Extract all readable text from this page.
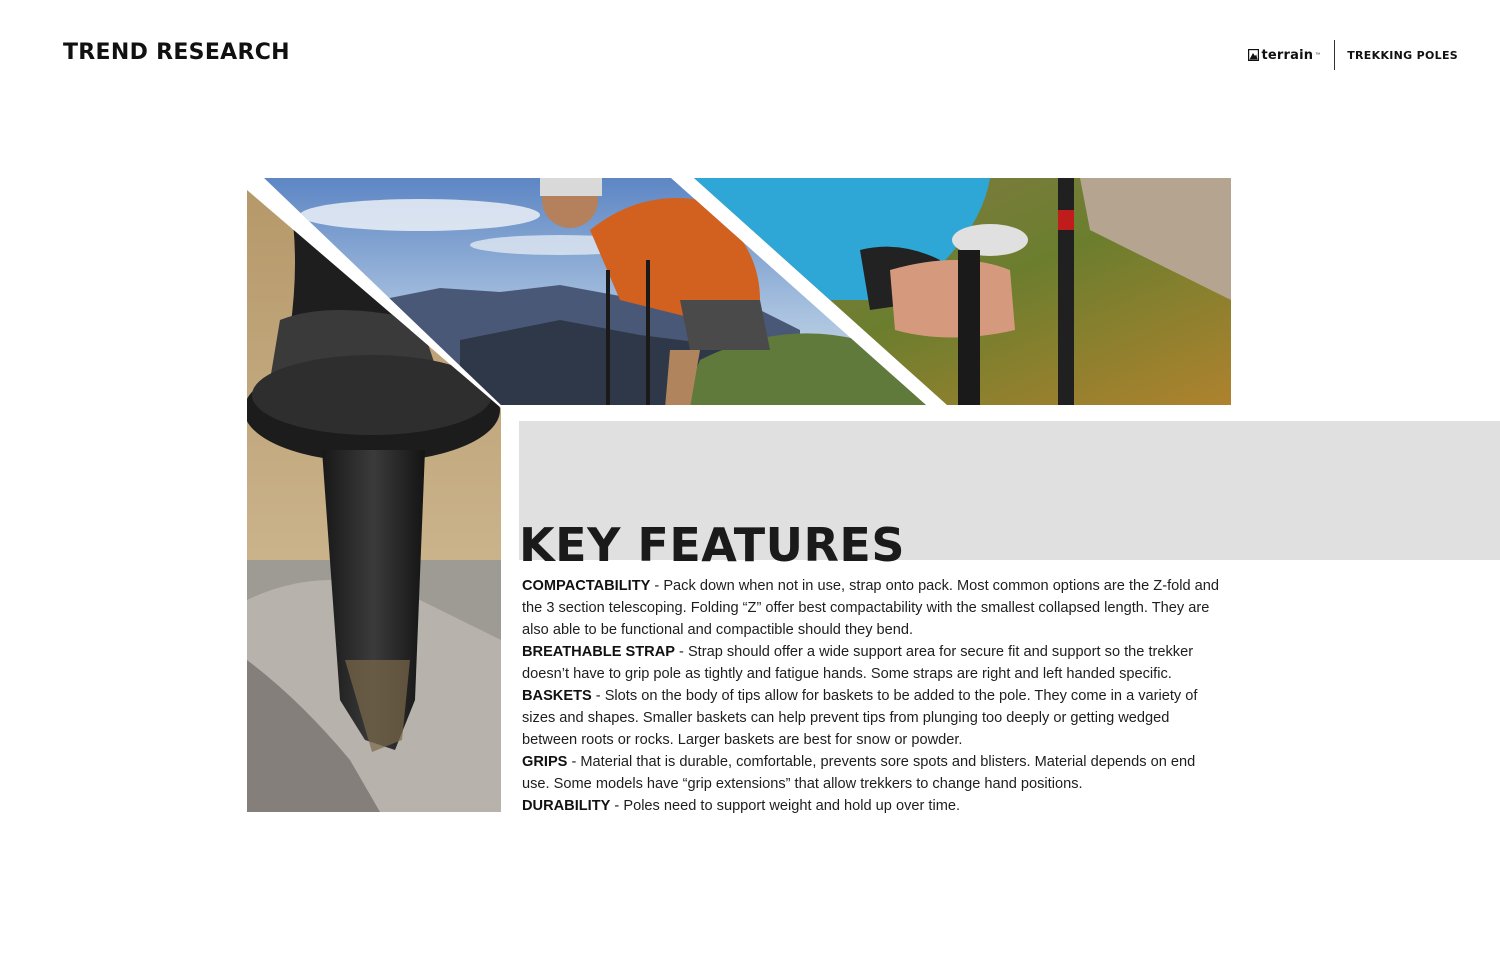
TREND RESEARCH	terrain ™ TREKKING POLES
KEY FEATURES

COMPACTABILITY - Pack down when not in use, strap onto pack. Most common options are the Z-fold and the 3 section telescoping. Folding “Z” offer best compactability with the smallest collapsed length. They are also able to be functional and compactible should they bend.

BREATHABLE STRAP - Strap should offer a wide support area for secure fit and support so the trekker doesn’t have to grip pole as tightly and fatigue hands. Some straps are right and left handed specific.

BASKETS - Slots on the body of tips allow for baskets to be added to the pole. They come in a variety of sizes and shapes. Smaller baskets can help prevent tips from plunging too deeply or getting wedged between roots or rocks. Larger baskets are best for snow or powder.

GRIPS - Material that is durable, comfortable, prevents sore spots and blisters. Material depends on end use. Some models have “grip extensions” that allow trekkers to change hand positions.

DURABILITY - Poles need to support weight and hold up over time.
